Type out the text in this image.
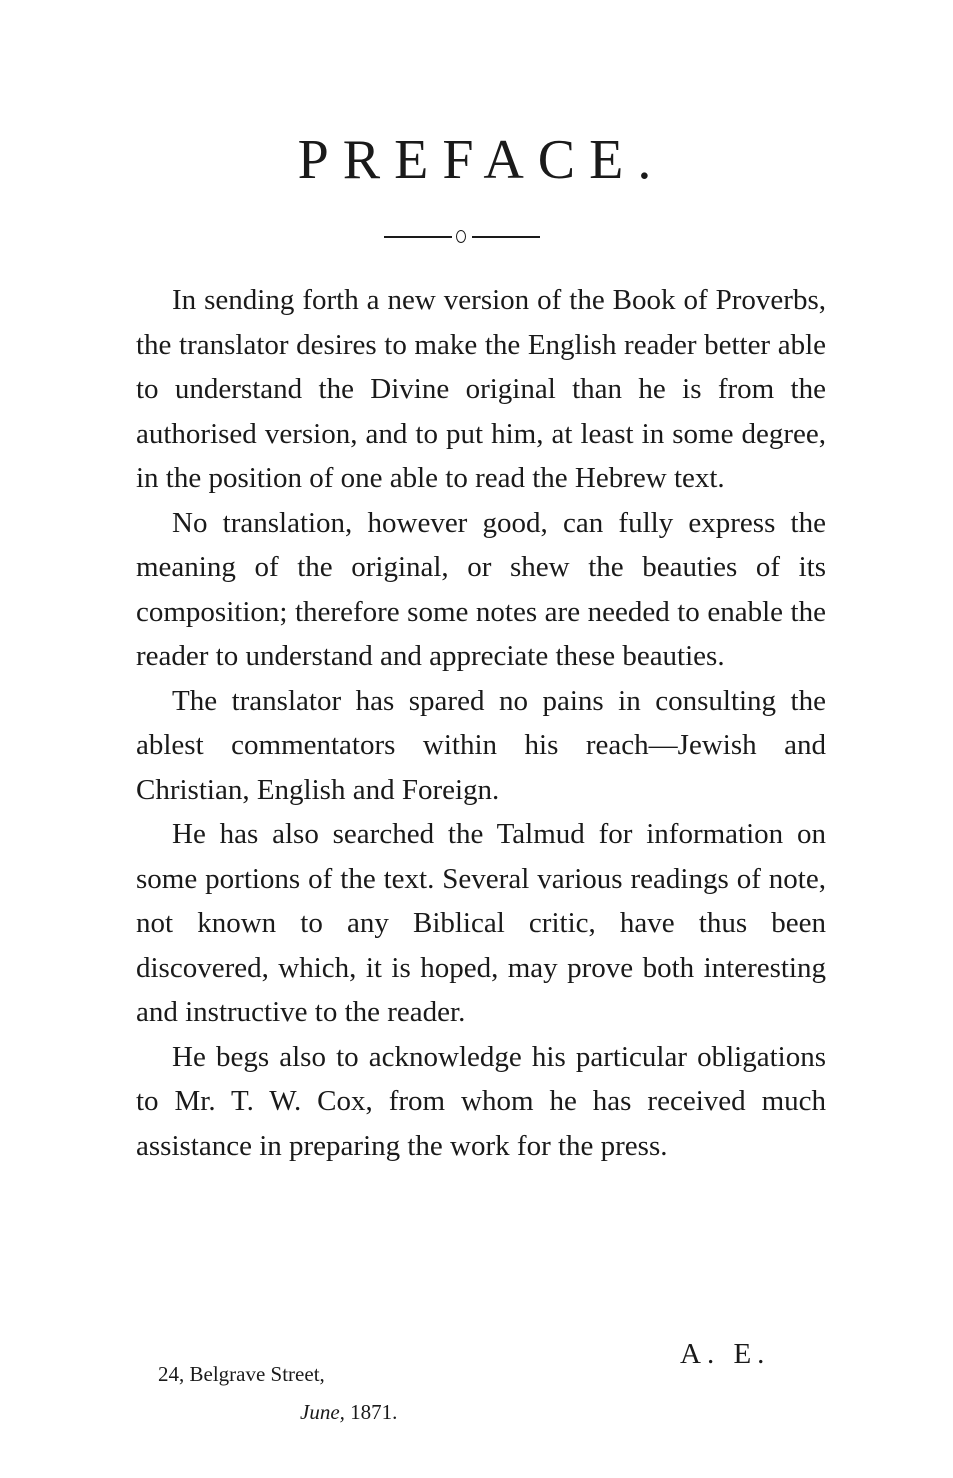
PREFACE.

In sending forth a new version of the Book of Proverbs, the translator desires to make the English reader better able to understand the Divine original than he is from the authorised version, and to put him, at least in some degree, in the position of one able to read the Hebrew text.

No translation, however good, can fully express the meaning of the original, or shew the beauties of its composition; therefore some notes are needed to enable the reader to understand and appreciate these beauties.

The translator has spared no pains in consulting the ablest commentators within his reach—Jewish and Christian, English and Foreign.

He has also searched the Talmud for information on some portions of the text. Several various readings of note, not known to any Biblical critic, have thus been discovered, which, it is hoped, may prove both interesting and instructive to the reader.

He begs also to acknowledge his particular obligations to Mr. T. W. Cox, from whom he has received much assistance in preparing the work for the press.

A. E.
24, Belgrave Street,
June, 1871.
